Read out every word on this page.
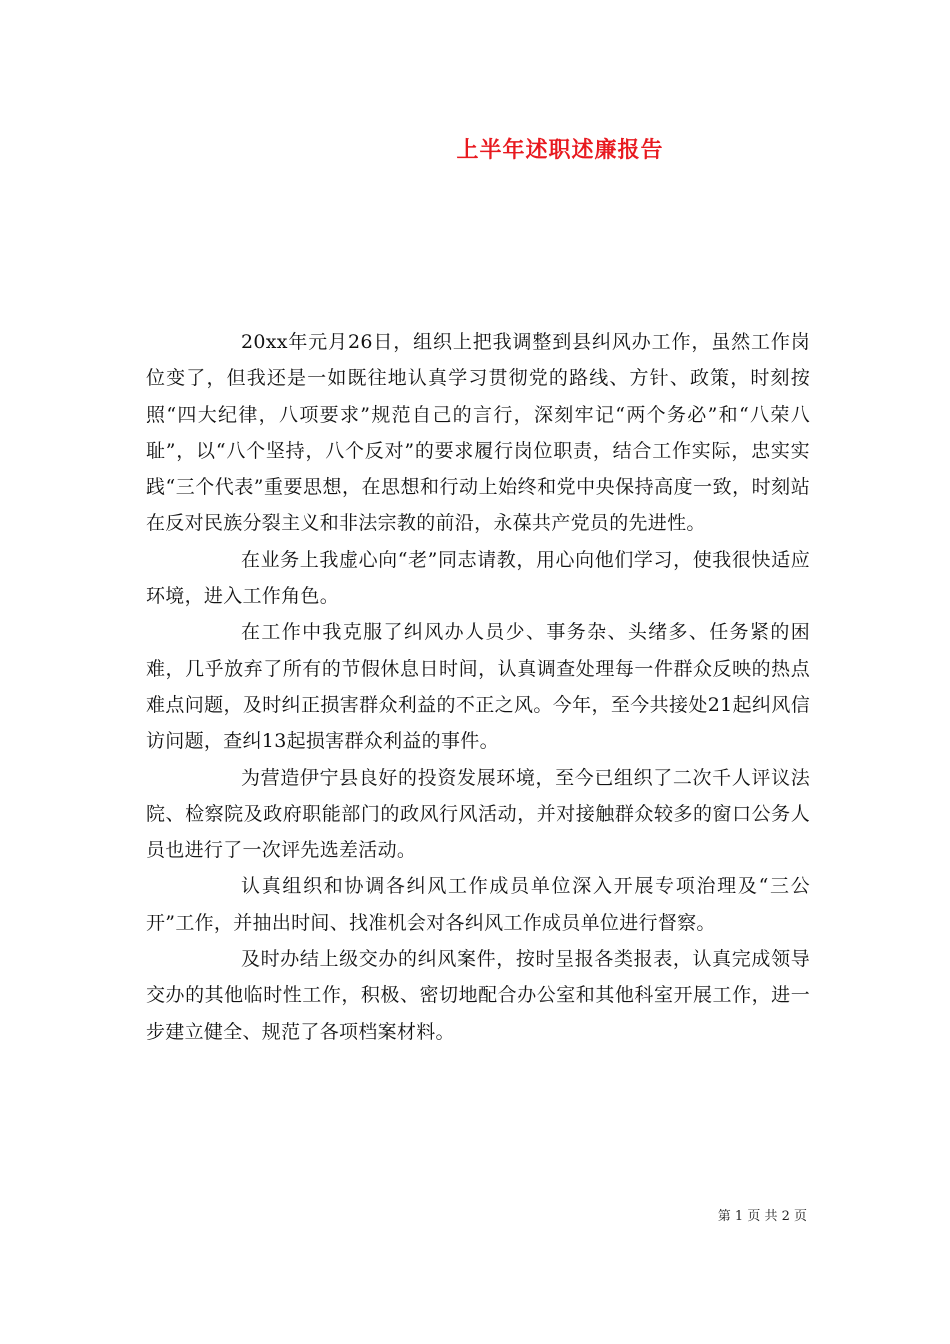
上半年述职述廉报告

20xx年元月26日，组织上把我调整到县纠风办工作，虽然工作岗位变了，但我还是一如既往地认真学习贯彻党的路线、方针、政策，时刻按照“四大纪律，八项要求”规范自己的言行，深刻牢记“两个务必”和“八荣八耻”，以“八个坚持，八个反对”的要求履行岗位职责，结合工作实际，忠实实践“三个代表”重要思想，在思想和行动上始终和党中央保持高度一致，时刻站在反对民族分裂主义和非法宗教的前沿，永葆共产党员的先进性。

在业务上我虚心向“老”同志请教，用心向他们学习，使我很快适应环境，进入工作角色。

在工作中我克服了纠风办人员少、事务杂、头绪多、任务紧的困难，几乎放弃了所有的节假休息日时间，认真调查处理每一件群众反映的热点难点问题，及时纠正损害群众利益的不正之风。今年，至今共接处21起纠风信访问题，查纠13起损害群众利益的事件。

为营造伊宁县良好的投资发展环境，至今已组织了二次千人评议法院、检察院及政府职能部门的政风行风活动，并对接触群众较多的窗口公务人员也进行了一次评先选差活动。

认真组织和协调各纠风工作成员单位深入开展专项治理及“三公开”工作，并抽出时间、找准机会对各纠风工作成员单位进行督察。

及时办结上级交办的纠风案件，按时呈报各类报表，认真完成领导交办的其他临时性工作，积极、密切地配合办公室和其他科室开展工作，进一步建立健全、规范了各项档案材料。

第 1 页 共 2 页
